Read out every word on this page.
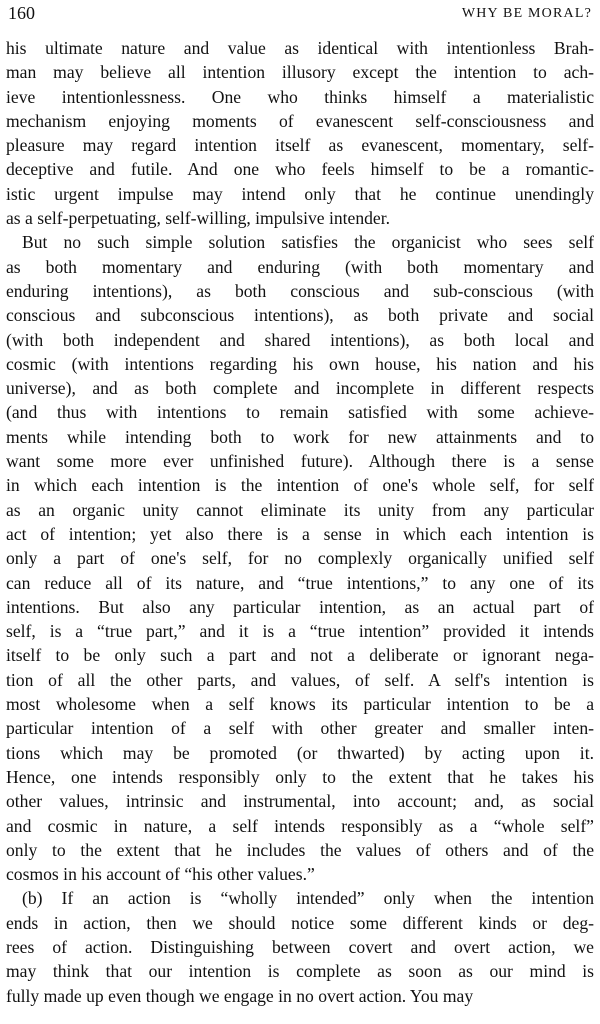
160	WHY BE MORAL?
his ultimate nature and value as identical with intentionless Brah-
man may believe all intention illusory except the intention to ach-
ieve intentionlessness. One who thinks himself a materialistic
mechanism enjoying moments of evanescent self-consciousness and
pleasure may regard intention itself as evanescent, momentary, self-
deceptive and futile. And one who feels himself to be a romantic-
istic urgent impulse may intend only that he continue unendingly
as a self-perpetuating, self-willing, impulsive intender.
But no such simple solution satisfies the organicist who sees self
as both momentary and enduring (with both momentary and
enduring intentions), as both conscious and sub-conscious (with
conscious and subconscious intentions), as both private and social
(with both independent and shared intentions), as both local and
cosmic (with intentions regarding his own house, his nation and his
universe), and as both complete and incomplete in different respects
(and thus with intentions to remain satisfied with some achieve-
ments while intending both to work for new attainments and to
want some more ever unfinished future). Although there is a sense
in which each intention is the intention of one's whole self, for self
as an organic unity cannot eliminate its unity from any particular
act of intention; yet also there is a sense in which each intention is
only a part of one's self, for no complexly organically unified self
can reduce all of its nature, and “true intentions,” to any one of its
intentions. But also any particular intention, as an actual part of
self, is a “true part,” and it is a “true intention” provided it intends
itself to be only such a part and not a deliberate or ignorant nega-
tion of all the other parts, and values, of self. A self's intention is
most wholesome when a self knows its particular intention to be a
particular intention of a self with other greater and smaller inten-
tions which may be promoted (or thwarted) by acting upon it.
Hence, one intends responsibly only to the extent that he takes his
other values, intrinsic and instrumental, into account; and, as social
and cosmic in nature, a self intends responsibly as a “whole self”
only to the extent that he includes the values of others and of the
cosmos in his account of “his other values.”
(b) If an action is “wholly intended” only when the intention
ends in action, then we should notice some different kinds or deg-
rees of action. Distinguishing between covert and overt action, we
may think that our intention is complete as soon as our mind is
fully made up even though we engage in no overt action. You may
